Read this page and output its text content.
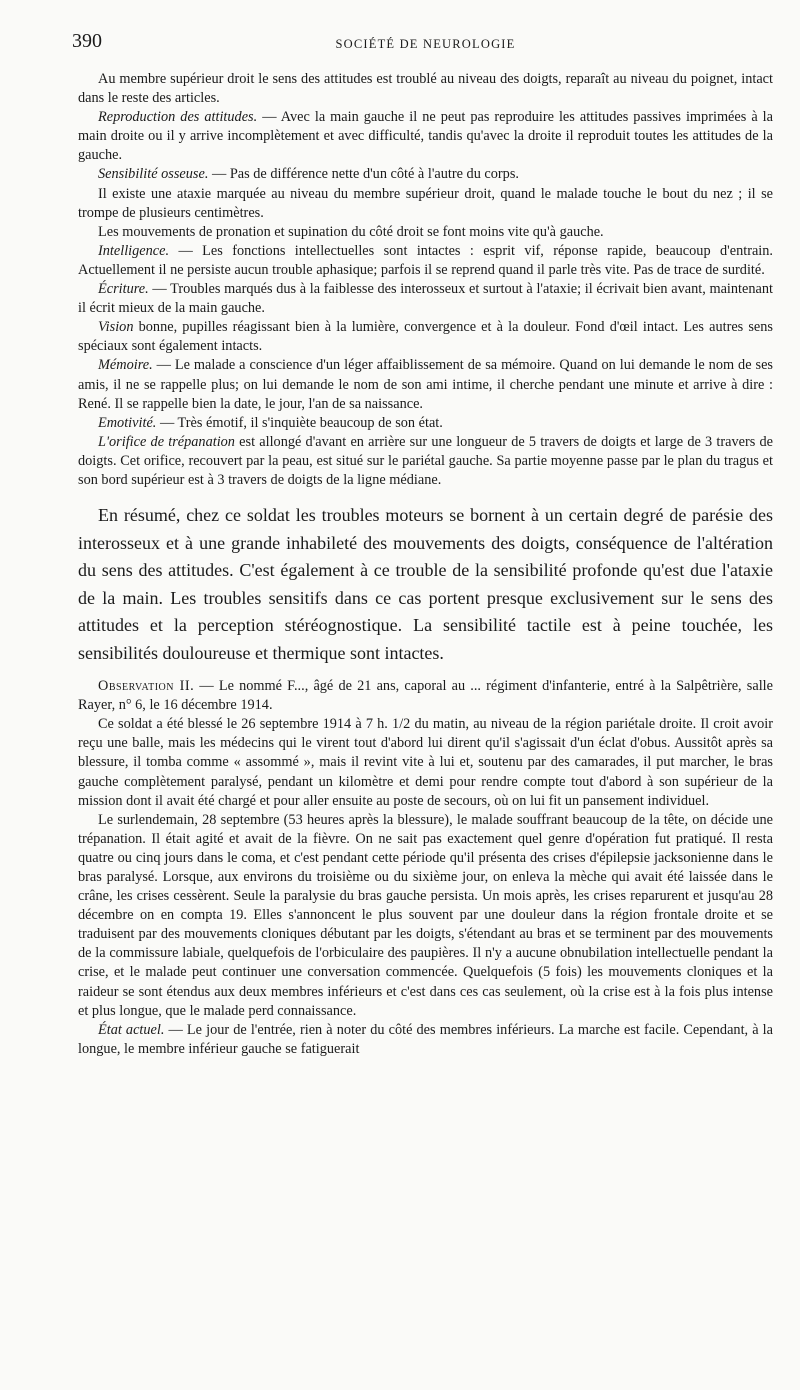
390	SOCIÉTÉ DE NEUROLOGIE

Au membre supérieur droit le sens des attitudes est troublé au niveau des doigts, reparaît au niveau du poignet, intact dans le reste des articles.

Reproduction des attitudes. — Avec la main gauche il ne peut pas reproduire les attitudes passives imprimées à la main droite ou il y arrive incomplètement et avec difficulté, tandis qu'avec la droite il reproduit toutes les attitudes de la gauche.

Sensibilité osseuse. — Pas de différence nette d'un côté à l'autre du corps.

Il existe une ataxie marquée au niveau du membre supérieur droit, quand le malade touche le bout du nez ; il se trompe de plusieurs centimètres.

Les mouvements de pronation et supination du côté droit se font moins vite qu'à gauche.

Intelligence. — Les fonctions intellectuelles sont intactes : esprit vif, réponse rapide, beaucoup d'entrain. Actuellement il ne persiste aucun trouble aphasique; parfois il se reprend quand il parle très vite. Pas de trace de surdité.

Écriture. — Troubles marqués dus à la faiblesse des interosseux et surtout à l'ataxie; il écrivait bien avant, maintenant il écrit mieux de la main gauche.

Vision bonne, pupilles réagissant bien à la lumière, convergence et à la douleur. Fond d'œil intact. Les autres sens spéciaux sont également intacts.

Mémoire. — Le malade a conscience d'un léger affaiblissement de sa mémoire. Quand on lui demande le nom de ses amis, il ne se rappelle plus; on lui demande le nom de son ami intime, il cherche pendant une minute et arrive à dire : René. Il se rappelle bien la date, le jour, l'an de sa naissance.

Emotivité. — Très émotif, il s'inquiète beaucoup de son état.

L'orifice de trépanation est allongé d'avant en arrière sur une longueur de 5 travers de doigts et large de 3 travers de doigts. Cet orifice, recouvert par la peau, est situé sur le pariétal gauche. Sa partie moyenne passe par le plan du tragus et son bord supérieur est à 3 travers de doigts de la ligne médiane.

En résumé, chez ce soldat les troubles moteurs se bornent à un certain degré de parésie des interosseux et à une grande inhabileté des mouvements des doigts, conséquence de l'altération du sens des attitudes. C'est également à ce trouble de la sensibilité profonde qu'est due l'ataxie de la main. Les troubles sensitifs dans ce cas portent presque exclusivement sur le sens des attitudes et la perception stéréognostique. La sensibilité tactile est à peine touchée, les sensibilités douloureuse et thermique sont intactes.

Observation II. — Le nommé F..., âgé de 21 ans, caporal au ... régiment d'infanterie, entré à la Salpêtrière, salle Rayer, n° 6, le 16 décembre 1914.

Ce soldat a été blessé le 26 septembre 1914 à 7 h. 1/2 du matin, au niveau de la région pariétale droite. Il croit avoir reçu une balle, mais les médecins qui le virent tout d'abord lui dirent qu'il s'agissait d'un éclat d'obus. Aussitôt après sa blessure, il tomba comme « assommé », mais il revint vite à lui et, soutenu par des camarades, il put marcher, le bras gauche complètement paralysé, pendant un kilomètre et demi pour rendre compte tout d'abord à son supérieur de la mission dont il avait été chargé et pour aller ensuite au poste de secours, où on lui fit un pansement individuel.

Le surlendemain, 28 septembre (53 heures après la blessure), le malade souffrant beaucoup de la tête, on décide une trépanation. Il était agité et avait de la fièvre. On ne sait pas exactement quel genre d'opération fut pratiqué. Il resta quatre ou cinq jours dans le coma, et c'est pendant cette période qu'il présenta des crises d'épilepsie jacksonienne dans le bras paralysé. Lorsque, aux environs du troisième ou du sixième jour, on enleva la mèche qui avait été laissée dans le crâne, les crises cessèrent. Seule la paralysie du bras gauche persista. Un mois après, les crises reparurent et jusqu'au 28 décembre on en compta 19. Elles s'annoncent le plus souvent par une douleur dans la région frontale droite et se traduisent par des mouvements cloniques débutant par les doigts, s'étendant au bras et se terminent par des mouvements de la commissure labiale, quelquefois de l'orbiculaire des paupières. Il n'y a aucune obnubilation intellectuelle pendant la crise, et le malade peut continuer une conversation commencée. Quelquefois (5 fois) les mouvements cloniques et la raideur se sont étendus aux deux membres inférieurs et c'est dans ces cas seulement, où la crise est à la fois plus intense et plus longue, que le malade perd connaissance.

État actuel. — Le jour de l'entrée, rien à noter du côté des membres inférieurs. La marche est facile. Cependant, à la longue, le membre inférieur gauche se fatiguerait
